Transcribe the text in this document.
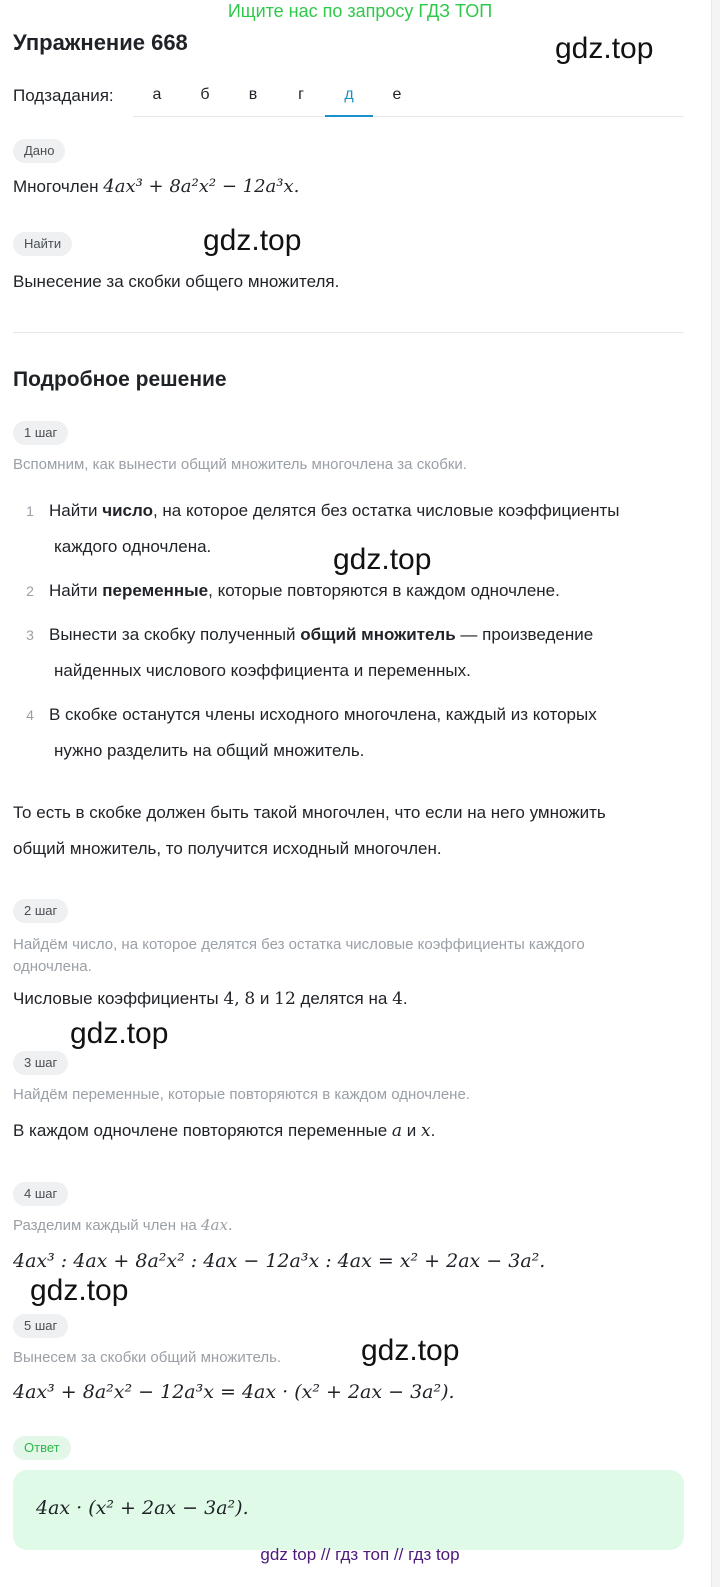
Ищите нас по запросу ГДЗ ТОП
Упражнение 668	gdz.top
Подзадания:	а	б	в	г	д	е
Дано
Многочлен 4ax³ + 8a²x² − 12a³x.
Найти	gdz.top
Вынесение за скобки общего множителя.
Подробное решение
1 шаг
Вспомним, как вынести общий множитель многочлена за скобки.
1 Найти число, на которое делятся без остатка числовые коэффициенты
каждого одночлена.	gdz.top
2 Найти переменные, которые повторяются в каждом одночлене.
3 Вынести за скобку полученный общий множитель — произведение
найденных числового коэффициента и переменных.
4 В скобке останутся члены исходного многочлена, каждый из которых
нужно разделить на общий множитель.
То есть в скобке должен быть такой многочлен, что если на него умножить
общий множитель, то получится исходный многочлен.
2 шаг
Найдём число, на которое делятся без остатка числовые коэффициенты каждого
одночлена.
Числовые коэффициенты 4, 8 и 12 делятся на 4.
gdz.top
3 шаг
Найдём переменные, которые повторяются в каждом одночлене.
В каждом одночлене повторяются переменные a и x.
4 шаг
Разделим каждый член на 4ax.
4ax³ : 4ax + 8a²x² : 4ax − 12a³x : 4ax = x² + 2ax − 3a².
gdz.top
5 шаг
gdz.top
Вынесем за скобки общий множитель.
4ax³ + 8a²x² − 12a³x = 4ax · (x² + 2ax − 3a²).
Ответ
4ax · (x² + 2ax − 3a²).
gdz top // гдз топ // гдз top
